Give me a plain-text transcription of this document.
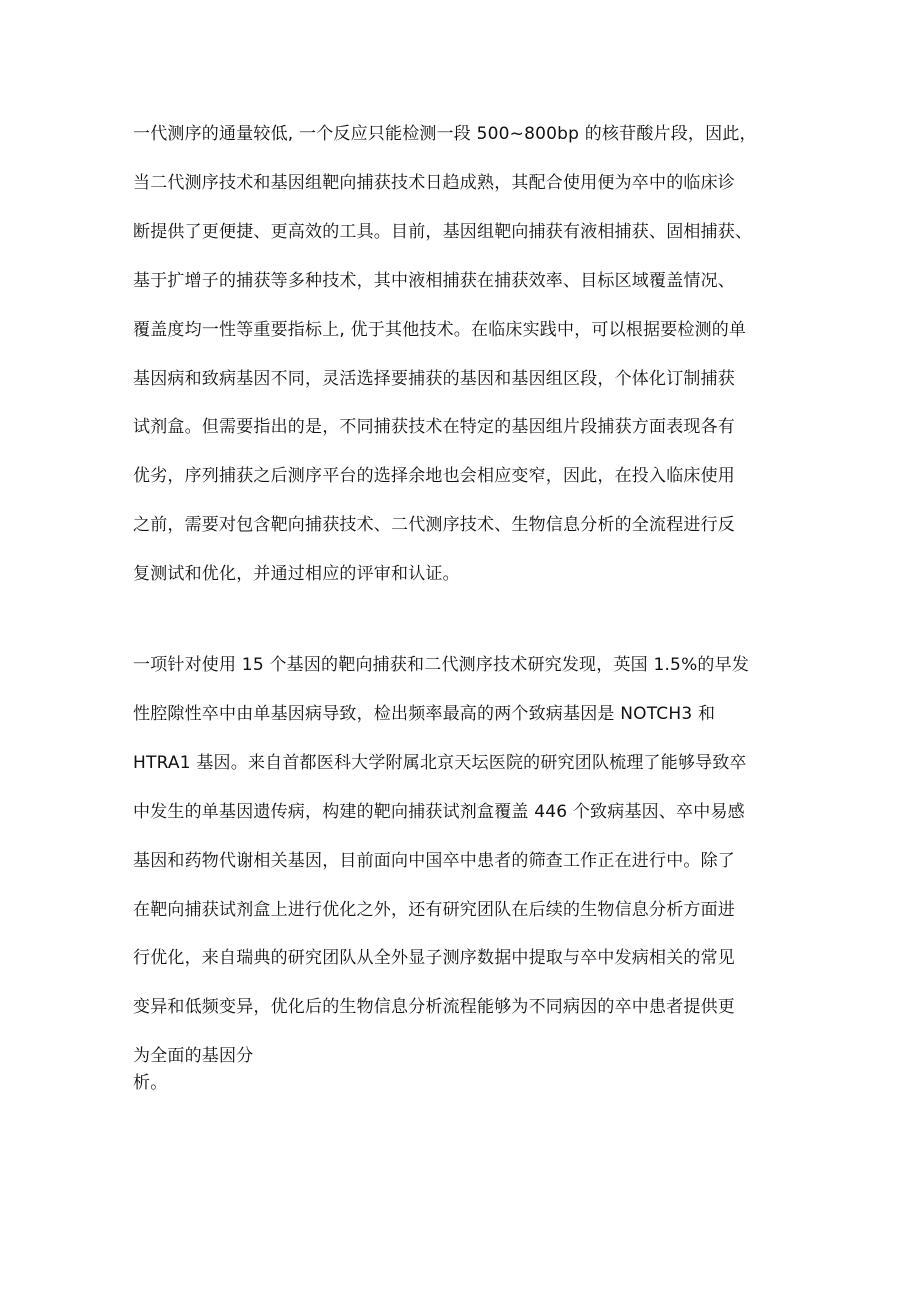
一代测序的通量较低, 一个反应只能检测一段 500~800bp 的核苷酸片段，因此，
当二代测序技术和基因组靶向捕获技术日趋成熟，其配合使用便为卒中的临床诊
断提供了更便捷、更高效的工具。目前，基因组靶向捕获有液相捕获、固相捕获、
基于扩增子的捕获等多种技术，其中液相捕获在捕获效率、目标区域覆盖情况、
覆盖度均一性等重要指标上, 优于其他技术。在临床实践中，可以根据要检测的单
基因病和致病基因不同，灵活选择要捕获的基因和基因组区段，个体化订制捕获
试剂盒。但需要指出的是，不同捕获技术在特定的基因组片段捕获方面表现各有
优劣，序列捕获之后测序平台的选择余地也会相应变窄，因此，在投入临床使用
之前，需要对包含靶向捕获技术、二代测序技术、生物信息分析的全流程进行反
复测试和优化，并通过相应的评审和认证。
一项针对使用 15 个基因的靶向捕获和二代测序技术研究发现，英国 1.5%的早发
性腔隙性卒中由单基因病导致，检出频率最高的两个致病基因是 NOTCH3 和
HTRA1 基因。来自首都医科大学附属北京天坛医院的研究团队梳理了能够导致卒
中发生的单基因遗传病，构建的靶向捕获试剂盒覆盖 446 个致病基因、卒中易感
基因和药物代谢相关基因，目前面向中国卒中患者的筛查工作正在进行中。除了
在靶向捕获试剂盒上进行优化之外，还有研究团队在后续的生物信息分析方面进
行优化，来自瑞典的研究团队从全外显子测序数据中提取与卒中发病相关的常见
变异和低频变异，优化后的生物信息分析流程能够为不同病因的卒中患者提供更
为全面的基因分
析。
